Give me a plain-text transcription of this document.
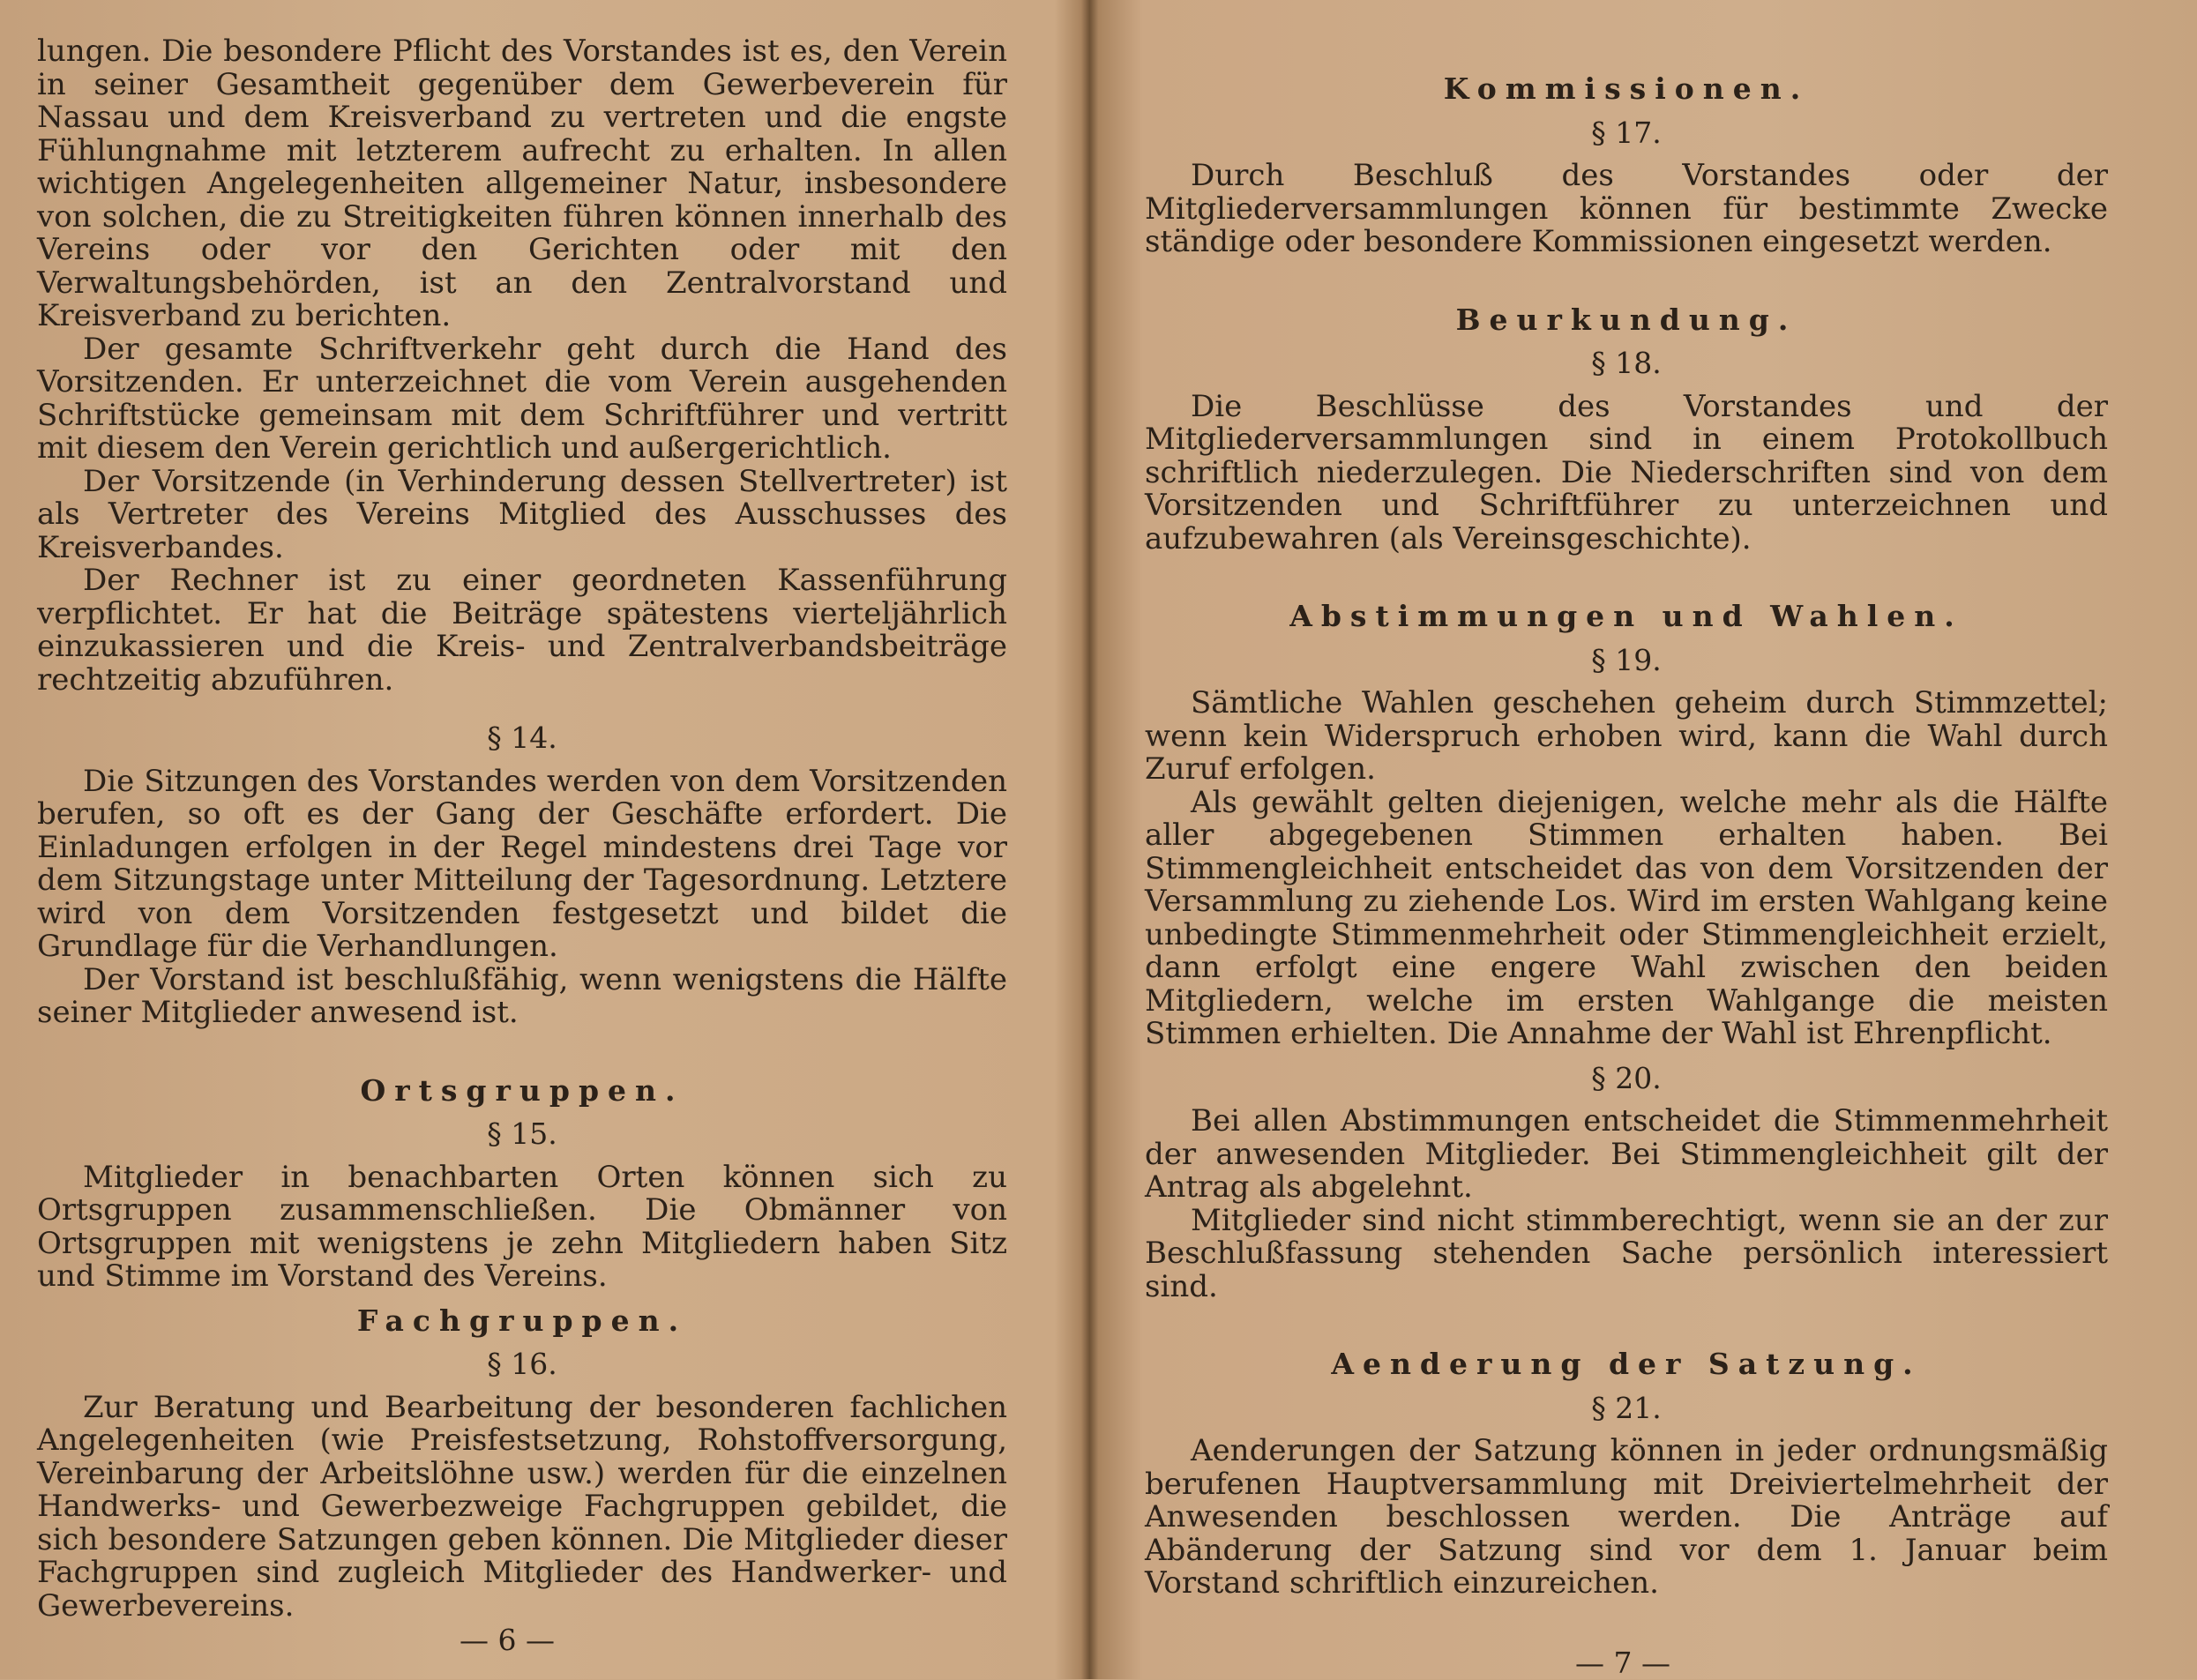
lungen. Die besondere Pflicht des Vorstandes ist es, den Verein in seiner Gesamtheit gegenüber dem Gewerbeverein für Nassau und dem Kreisverband zu vertreten und die engste Fühlungnahme mit letzterem aufrecht zu erhalten. In allen wichtigen Angelegenheiten allgemeiner Natur, insbesondere von solchen, die zu Streitigkeiten führen können innerhalb des Vereins oder vor den Gerichten oder mit den Verwaltungsbehörden, ist an den Zentralvorstand und Kreisverband zu berichten.

Der gesamte Schriftverkehr geht durch die Hand des Vorsitzenden. Er unterzeichnet die vom Verein ausgehenden Schriftstücke gemeinsam mit dem Schriftführer und vertritt mit diesem den Verein gerichtlich und außergerichtlich.

Der Vorsitzende (in Verhinderung dessen Stellvertreter) ist als Vertreter des Vereins Mitglied des Ausschusses des Kreisverbandes.

Der Rechner ist zu einer geordneten Kassenführung verpflichtet. Er hat die Beiträge spätestens vierteljährlich einzukassieren und die Kreis- und Zentralverbandsbeiträge rechtzeitig abzuführen.

§ 14.

Die Sitzungen des Vorstandes werden von dem Vorsitzenden berufen, so oft es der Gang der Geschäfte erfordert. Die Einladungen erfolgen in der Regel mindestens drei Tage vor dem Sitzungstage unter Mitteilung der Tagesordnung. Letztere wird von dem Vorsitzenden festgesetzt und bildet die Grundlage für die Verhandlungen.

Der Vorstand ist beschlußfähig, wenn wenigstens die Hälfte seiner Mitglieder anwesend ist.

Ortsgruppen.

§ 15.

Mitglieder in benachbarten Orten können sich zu Ortsgruppen zusammenschließen. Die Obmänner von Ortsgruppen mit wenigstens je zehn Mitgliedern haben Sitz und Stimme im Vorstand des Vereins.

Fachgruppen.

§ 16.

Zur Beratung und Bearbeitung der besonderen fachlichen Angelegenheiten (wie Preisfestsetzung, Rohstoffversorgung, Vereinbarung der Arbeitslöhne usw.) werden für die einzelnen Handwerks- und Gewerbezweige Fachgruppen gebildet, die sich besondere Satzungen geben können. Die Mitglieder dieser Fachgruppen sind zugleich Mitglieder des Handwerker- und Gewerbevereins.

— 6 —

Kommissionen.

§ 17.

Durch Beschluß des Vorstandes oder der Mitgliederversammlungen können für bestimmte Zwecke ständige oder besondere Kommissionen eingesetzt werden.

Beurkundung.

§ 18.

Die Beschlüsse des Vorstandes und der Mitgliederversammlungen sind in einem Protokollbuch schriftlich niederzulegen. Die Niederschriften sind von dem Vorsitzenden und Schriftführer zu unterzeichnen und aufzubewahren (als Vereinsgeschichte).

Abstimmungen und Wahlen.

§ 19.

Sämtliche Wahlen geschehen geheim durch Stimmzettel; wenn kein Widerspruch erhoben wird, kann die Wahl durch Zuruf erfolgen.

Als gewählt gelten diejenigen, welche mehr als die Hälfte aller abgegebenen Stimmen erhalten haben. Bei Stimmengleichheit entscheidet das von dem Vorsitzenden der Versammlung zu ziehende Los. Wird im ersten Wahlgang keine unbedingte Stimmenmehrheit oder Stimmengleichheit erzielt, dann erfolgt eine engere Wahl zwischen den beiden Mitgliedern, welche im ersten Wahlgange die meisten Stimmen erhielten. Die Annahme der Wahl ist Ehrenpflicht.

§ 20.

Bei allen Abstimmungen entscheidet die Stimmenmehrheit der anwesenden Mitglieder. Bei Stimmengleichheit gilt der Antrag als abgelehnt.

Mitglieder sind nicht stimmberechtigt, wenn sie an der zur Beschlußfassung stehenden Sache persönlich interessiert sind.

Aenderung der Satzung.

§ 21.

Aenderungen der Satzung können in jeder ordnungsmäßig berufenen Hauptversammlung mit Dreiviertelmehrheit der Anwesenden beschlossen werden. Die Anträge auf Abänderung der Satzung sind vor dem 1. Januar beim Vorstand schriftlich einzureichen.

— 7 —
